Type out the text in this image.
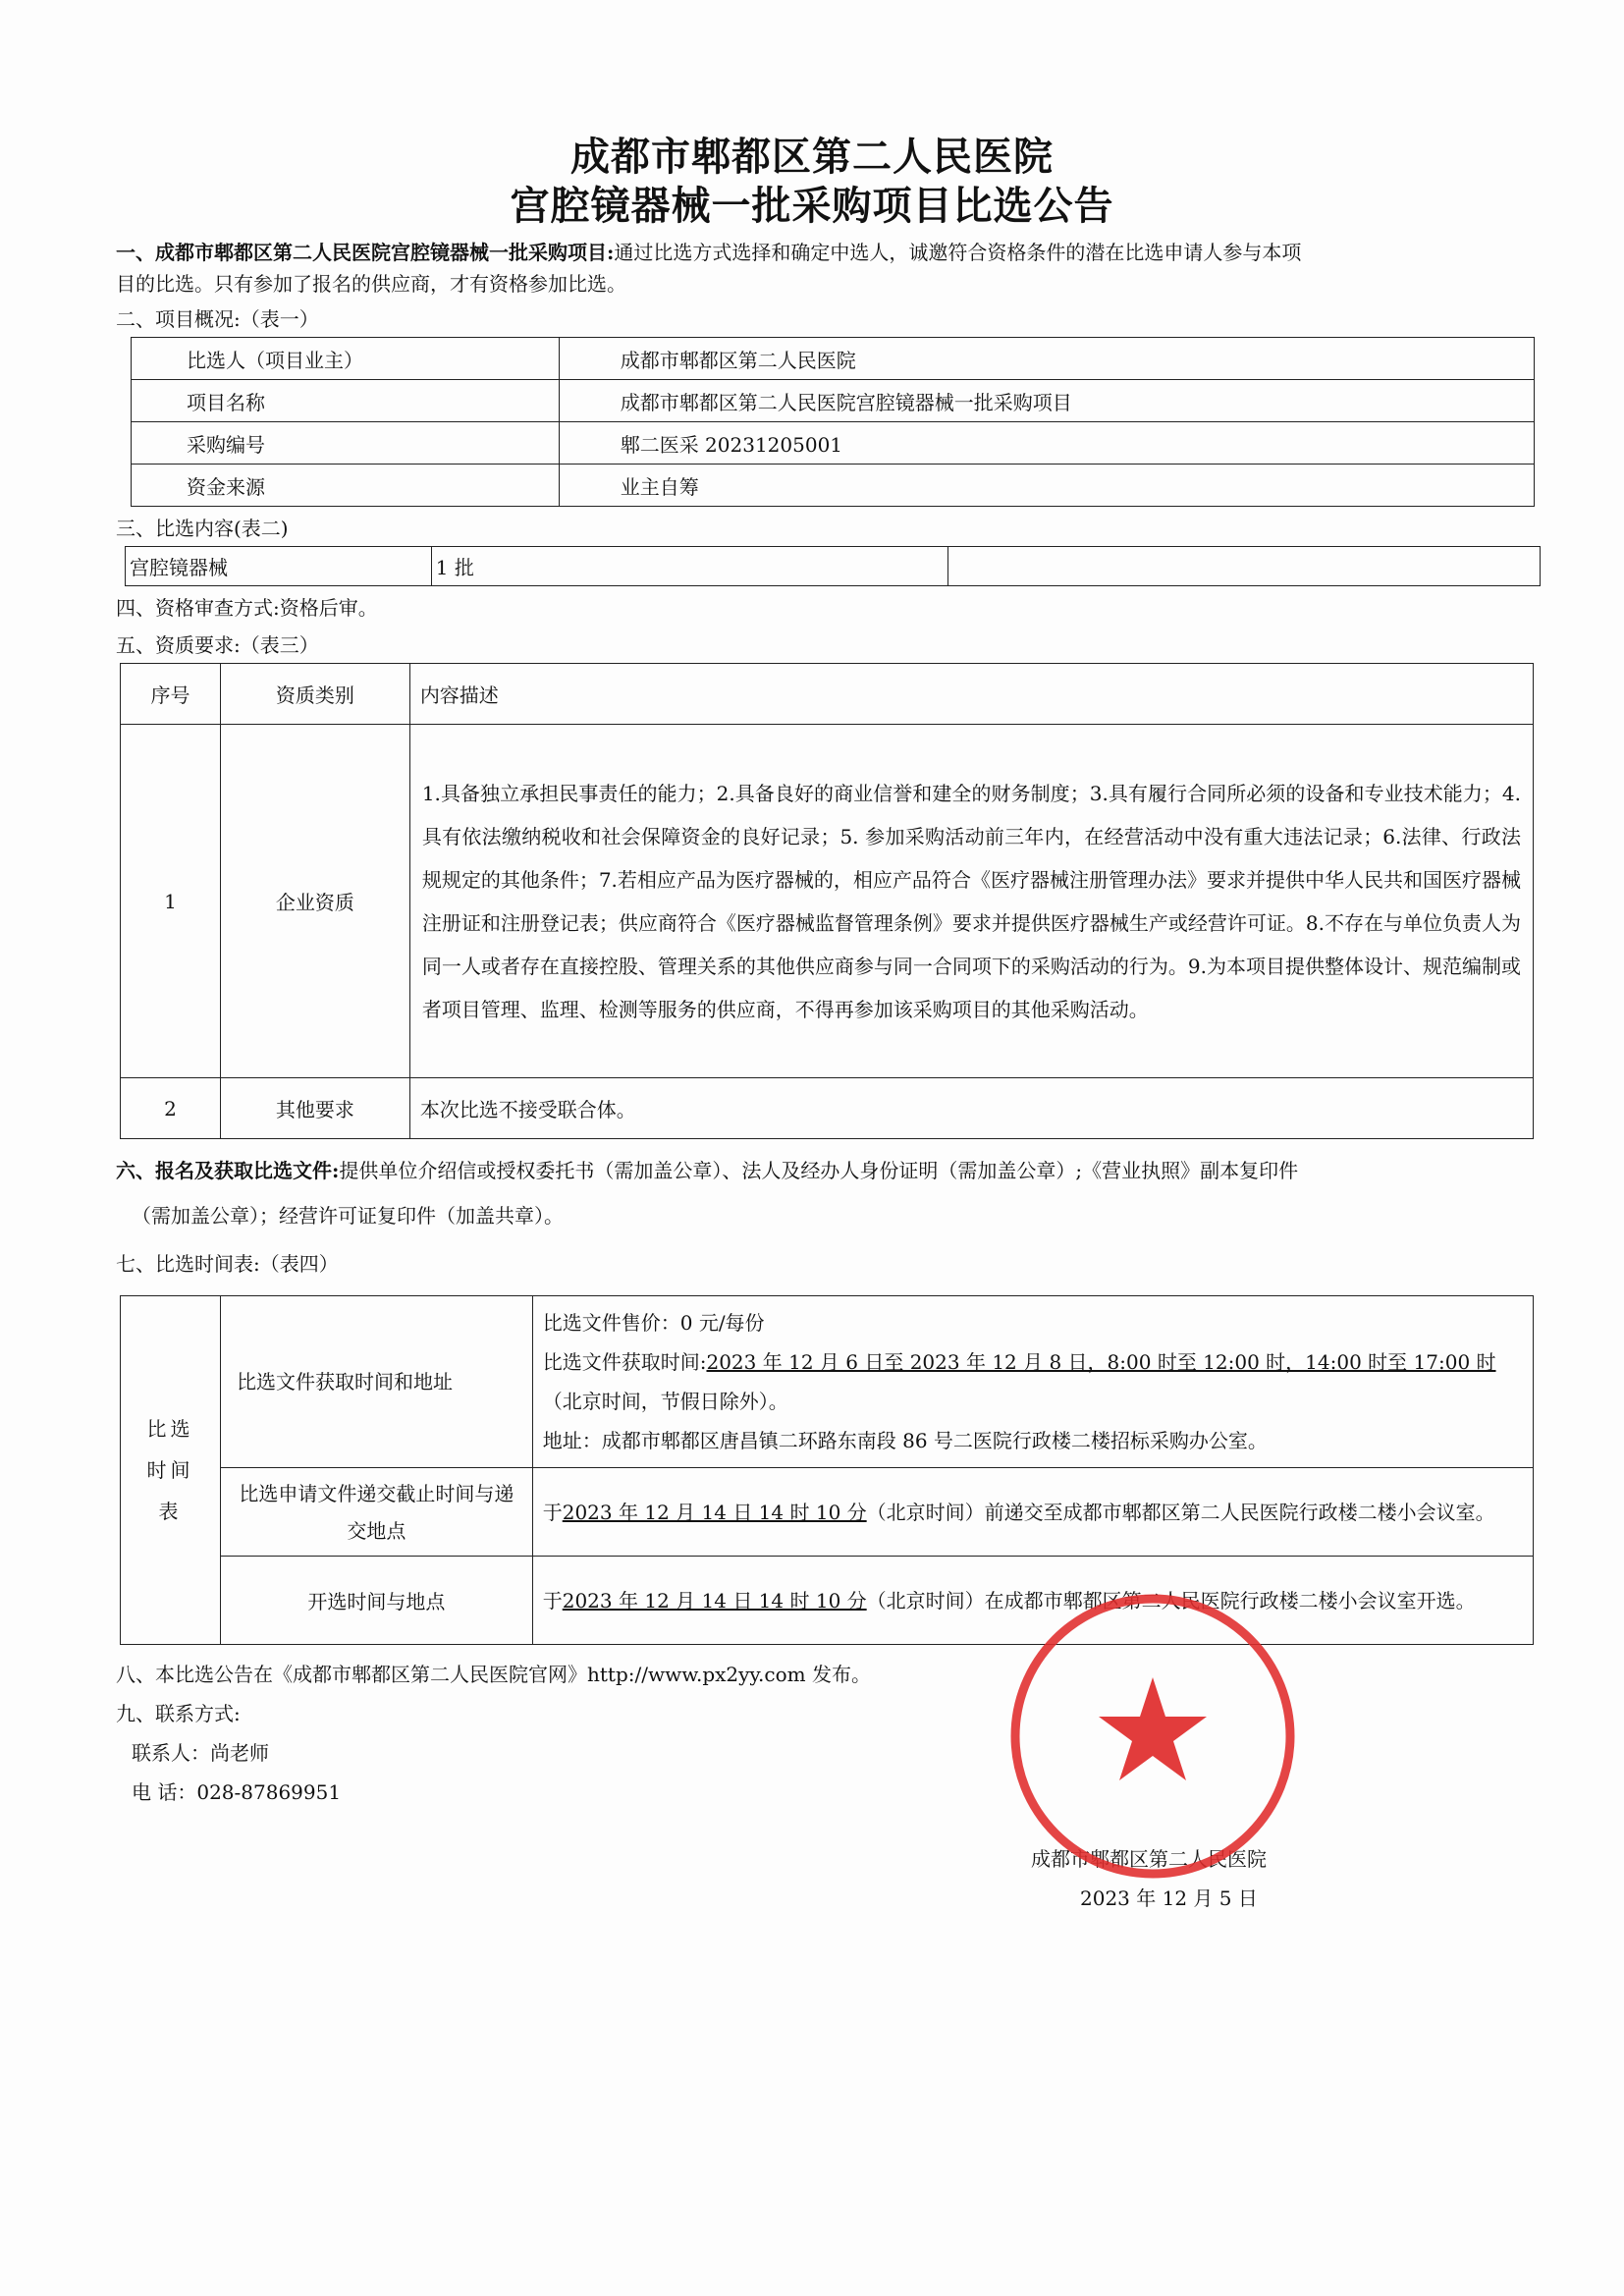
成都市郫都区第二人民医院
宫腔镜器械一批采购项目比选公告
一、成都市郫都区第二人民医院宫腔镜器械一批采购项目:通过比选方式选择和确定中选人，诚邀符合资格条件的潜在比选申请人参与本项
目的比选。只有参加了报名的供应商，才有资格参加比选。
二、项目概况:（表一）
比选人（项目业主）	成都市郫都区第二人民医院
项目名称	成都市郫都区第二人民医院宫腔镜器械一批采购项目
采购编号	郫二医采 20231205001
资金来源	业主自筹
三、比选内容(表二)
宫腔镜器械	1 批	
四、资格审查方式:资格后审。
五、资质要求:（表三）
序号	资质类别	内容描述
1	企业资质	1.具备独立承担民事责任的能力；2.具备良好的商业信誉和建全的财务制度；3.具有履行合同所必须的设备和专业技术能力；4.具有依法缴纳税收和社会保障资金的良好记录；5. 参加采购活动前三年内，在经营活动中没有重大违法记录；6.法律、行政法规规定的其他条件；7.若相应产品为医疗器械的，相应产品符合《医疗器械注册管理办法》要求并提供中华人民共和国医疗器械注册证和注册登记表；供应商符合《医疗器械监督管理条例》要求并提供医疗器械生产或经营许可证。8.不存在与单位负责人为同一人或者存在直接控股、管理关系的其他供应商参与同一合同项下的采购活动的行为。9.为本项目提供整体设计、规范编制或者项目管理、监理、检测等服务的供应商，不得再参加该采购项目的其他采购活动。
2	其他要求	本次比选不接受联合体。
六、报名及获取比选文件:提供单位介绍信或授权委托书（需加盖公章）、法人及经办人身份证明（需加盖公章）;《营业执照》副本复印件
（需加盖公章）；经营许可证复印件（加盖共章）。
七、比选时间表:（表四）
比选时间表	比选文件获取时间和地址	比选文件售价：0 元/每份
比选文件获取时间:2023 年 12 月 6 日至 2023 年 12 月 8 日，8:00 时至 12:00 时，14:00 时至 17:00 时（北京时间，节假日除外）。
地址：成都市郫都区唐昌镇二环路东南段 86 号二医院行政楼二楼招标采购办公室。

	比选申请文件递交截止时间与递交地点	于2023 年 12 月 14 日 14 时 10 分（北京时间）前递交至成都市郫都区第二人民医院行政楼二楼小会议室。
	开选时间与地点	于2023 年 12 月 14 日 14 时 10 分（北京时间）在成都市郫都区第二人民医院行政楼二楼小会议室开选。
八、本比选公告在《成都市郫都区第二人民医院官网》http://www.px2yy.com 发布。
九、联系方式:
联系人：尚老师
电 话：028-87869951
成都市郫都区第二人民医院
2023 年 12 月 5 日
